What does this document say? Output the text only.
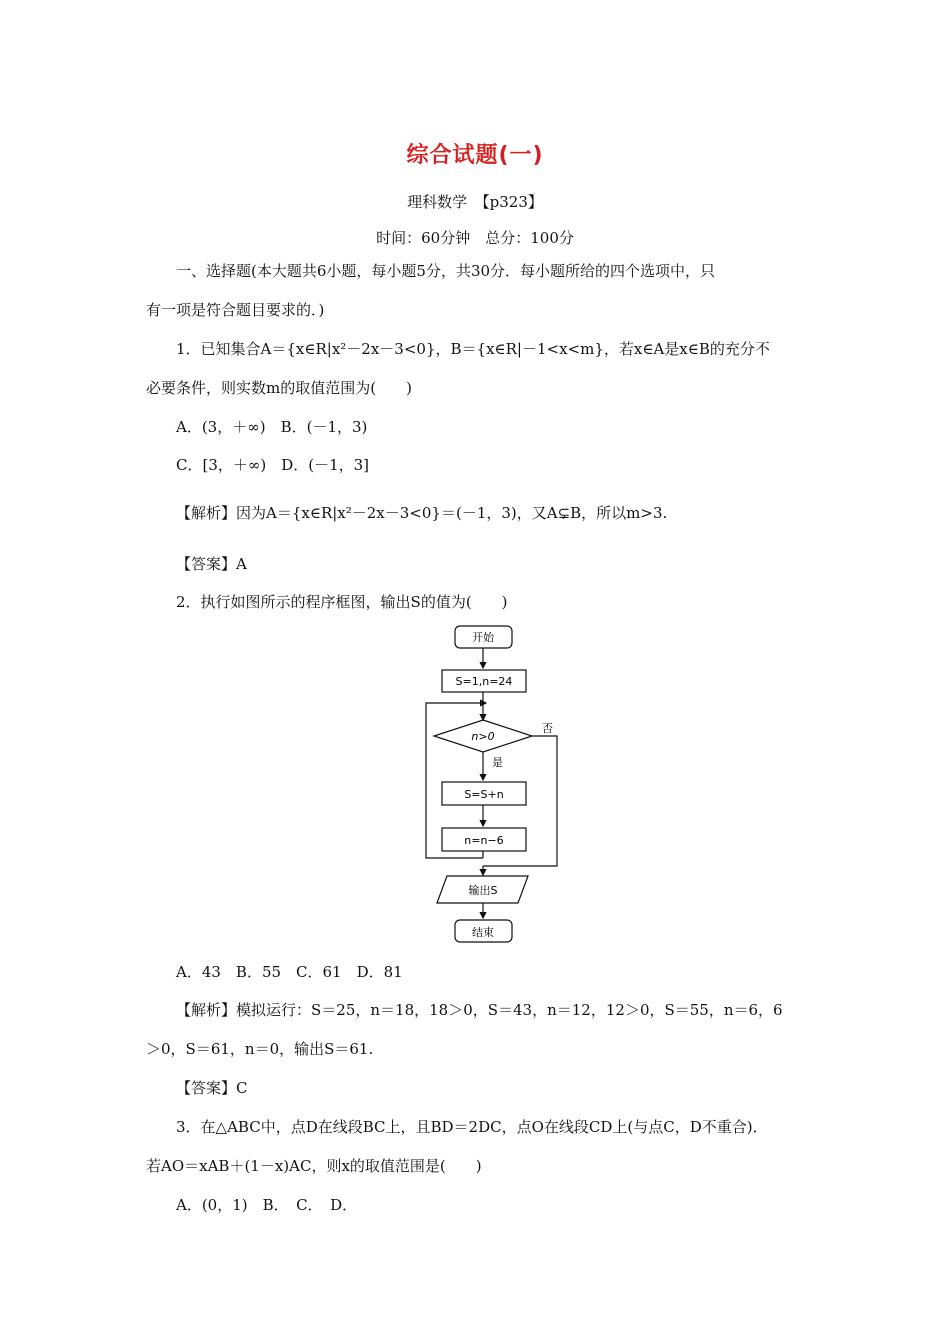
综合试题(一)
理科数学　【p323】
时间：60分钟　总分：100分
一、选择题(本大题共6小题，每小题5分，共30分．每小题所给的四个选项中，只
有一项是符合题目要求的．)
1．已知集合A＝{x∈R|x²－2x－3<0}，B＝{x∈R|－1<x<m}，若x∈A是x∈B的充分不
必要条件，则实数m的取值范围为(　　)
A．(3，＋∞)　B．(－1，3)
C．[3，＋∞)　D．(－1，3]
【解析】因为A＝{x∈R|x²－2x－3<0}＝(－1，3)，又A⊊B，所以m>3.
【答案】A
2．执行如图所示的程序框图，输出S的值为(　　)
开始
S=1,n=24
n>0
否
是
S=S+n
n=n−6
输出S
结束
A．43　B．55　C．61　D．81
【解析】模拟运行：S＝25，n＝18，18＞0，S＝43，n＝12，12＞0，S＝55，n＝6，6
＞0，S＝61，n＝0，输出S＝61.
【答案】C
3．在△ABC中，点D在线段BC上，且BD＝2DC，点O在线段CD上(与点C，D不重合)．
若AO＝xAB＋(1－x)AC，则x的取值范围是(　　)
A．(0，1)　B．　C．　D．
